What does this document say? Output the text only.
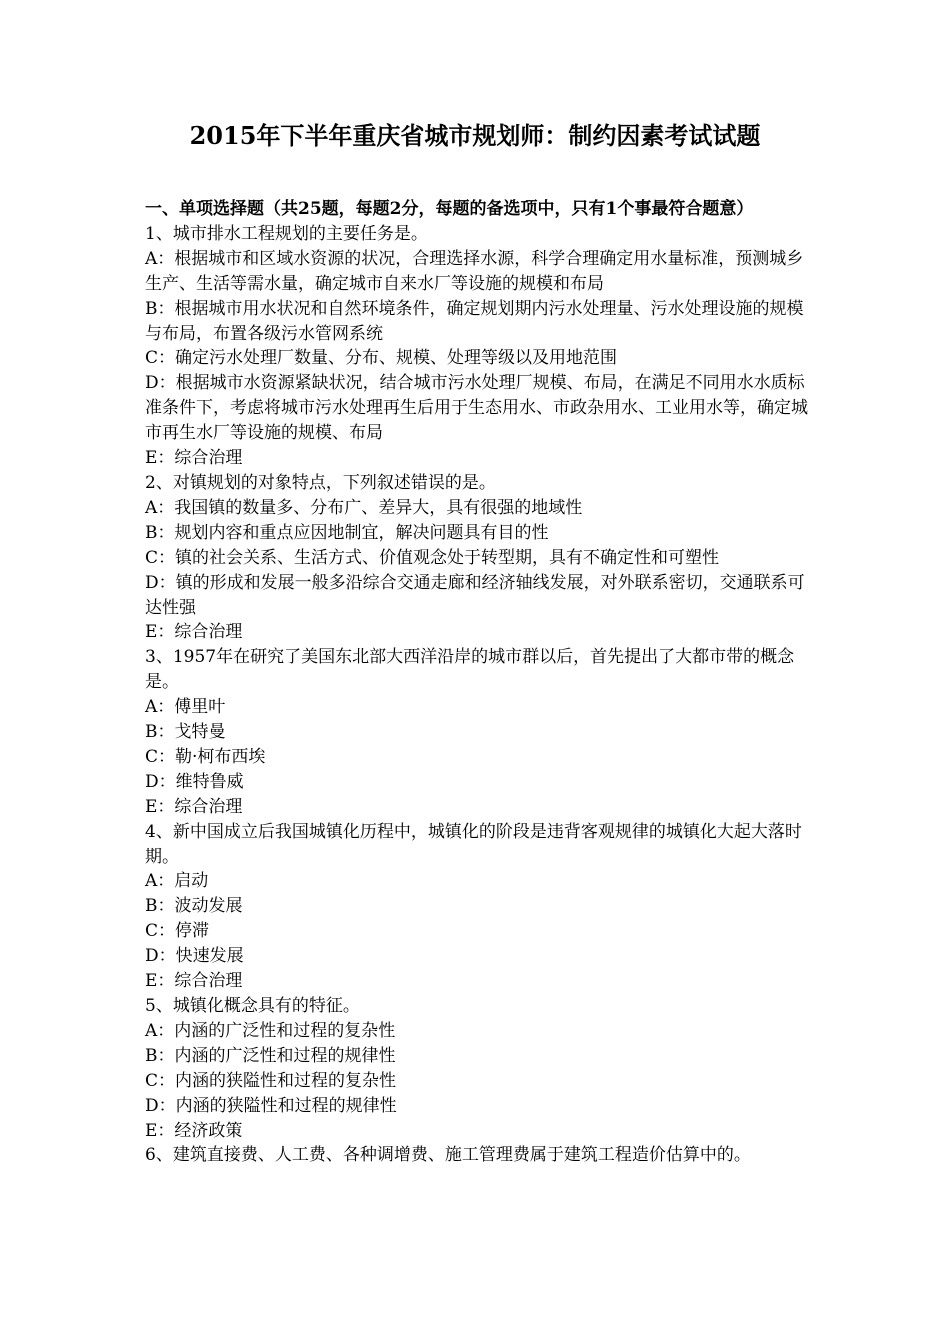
2015年下半年重庆省城市规划师：制约因素考试试题
一、单项选择题（共25题，每题2分，每题的备选项中，只有1个事最符合题意）

1、城市排水工程规划的主要任务是。

A：根据城市和区域水资源的状况，合理选择水源，科学合理确定用水量标准，预测城乡生产、生活等需水量，确定城市自来水厂等设施的规模和布局

B：根据城市用水状况和自然环境条件，确定规划期内污水处理量、污水处理设施的规模与布局，布置各级污水管网系统

C：确定污水处理厂数量、分布、规模、处理等级以及用地范围

D：根据城市水资源紧缺状况，结合城市污水处理厂规模、布局，在满足不同用水水质标准条件下，考虑将城市污水处理再生后用于生态用水、市政杂用水、工业用水等，确定城市再生水厂等设施的规模、布局

E：综合治理

2、对镇规划的对象特点，下列叙述错误的是。

A：我国镇的数量多、分布广、差异大，具有很强的地域性

B：规划内容和重点应因地制宜，解决问题具有目的性

C：镇的社会关系、生活方式、价值观念处于转型期，具有不确定性和可塑性

D：镇的形成和发展一般多沿综合交通走廊和经济轴线发展，对外联系密切，交通联系可达性强

E：综合治理

3、1957年在研究了美国东北部大西洋沿岸的城市群以后，首先提出了大都市带的概念是。

A：傅里叶

B：戈特曼

C：勒·柯布西埃

D：维特鲁威

E：综合治理

4、新中国成立后我国城镇化历程中，城镇化的阶段是违背客观规律的城镇化大起大落时期。

A：启动

B：波动发展

C：停滞

D：快速发展

E：综合治理

5、城镇化概念具有的特征。

A：内涵的广泛性和过程的复杂性

B：内涵的广泛性和过程的规律性

C：内涵的狭隘性和过程的复杂性

D：内涵的狭隘性和过程的规律性

E：经济政策

6、建筑直接费、人工费、各种调增费、施工管理费属于建筑工程造价估算中的。
